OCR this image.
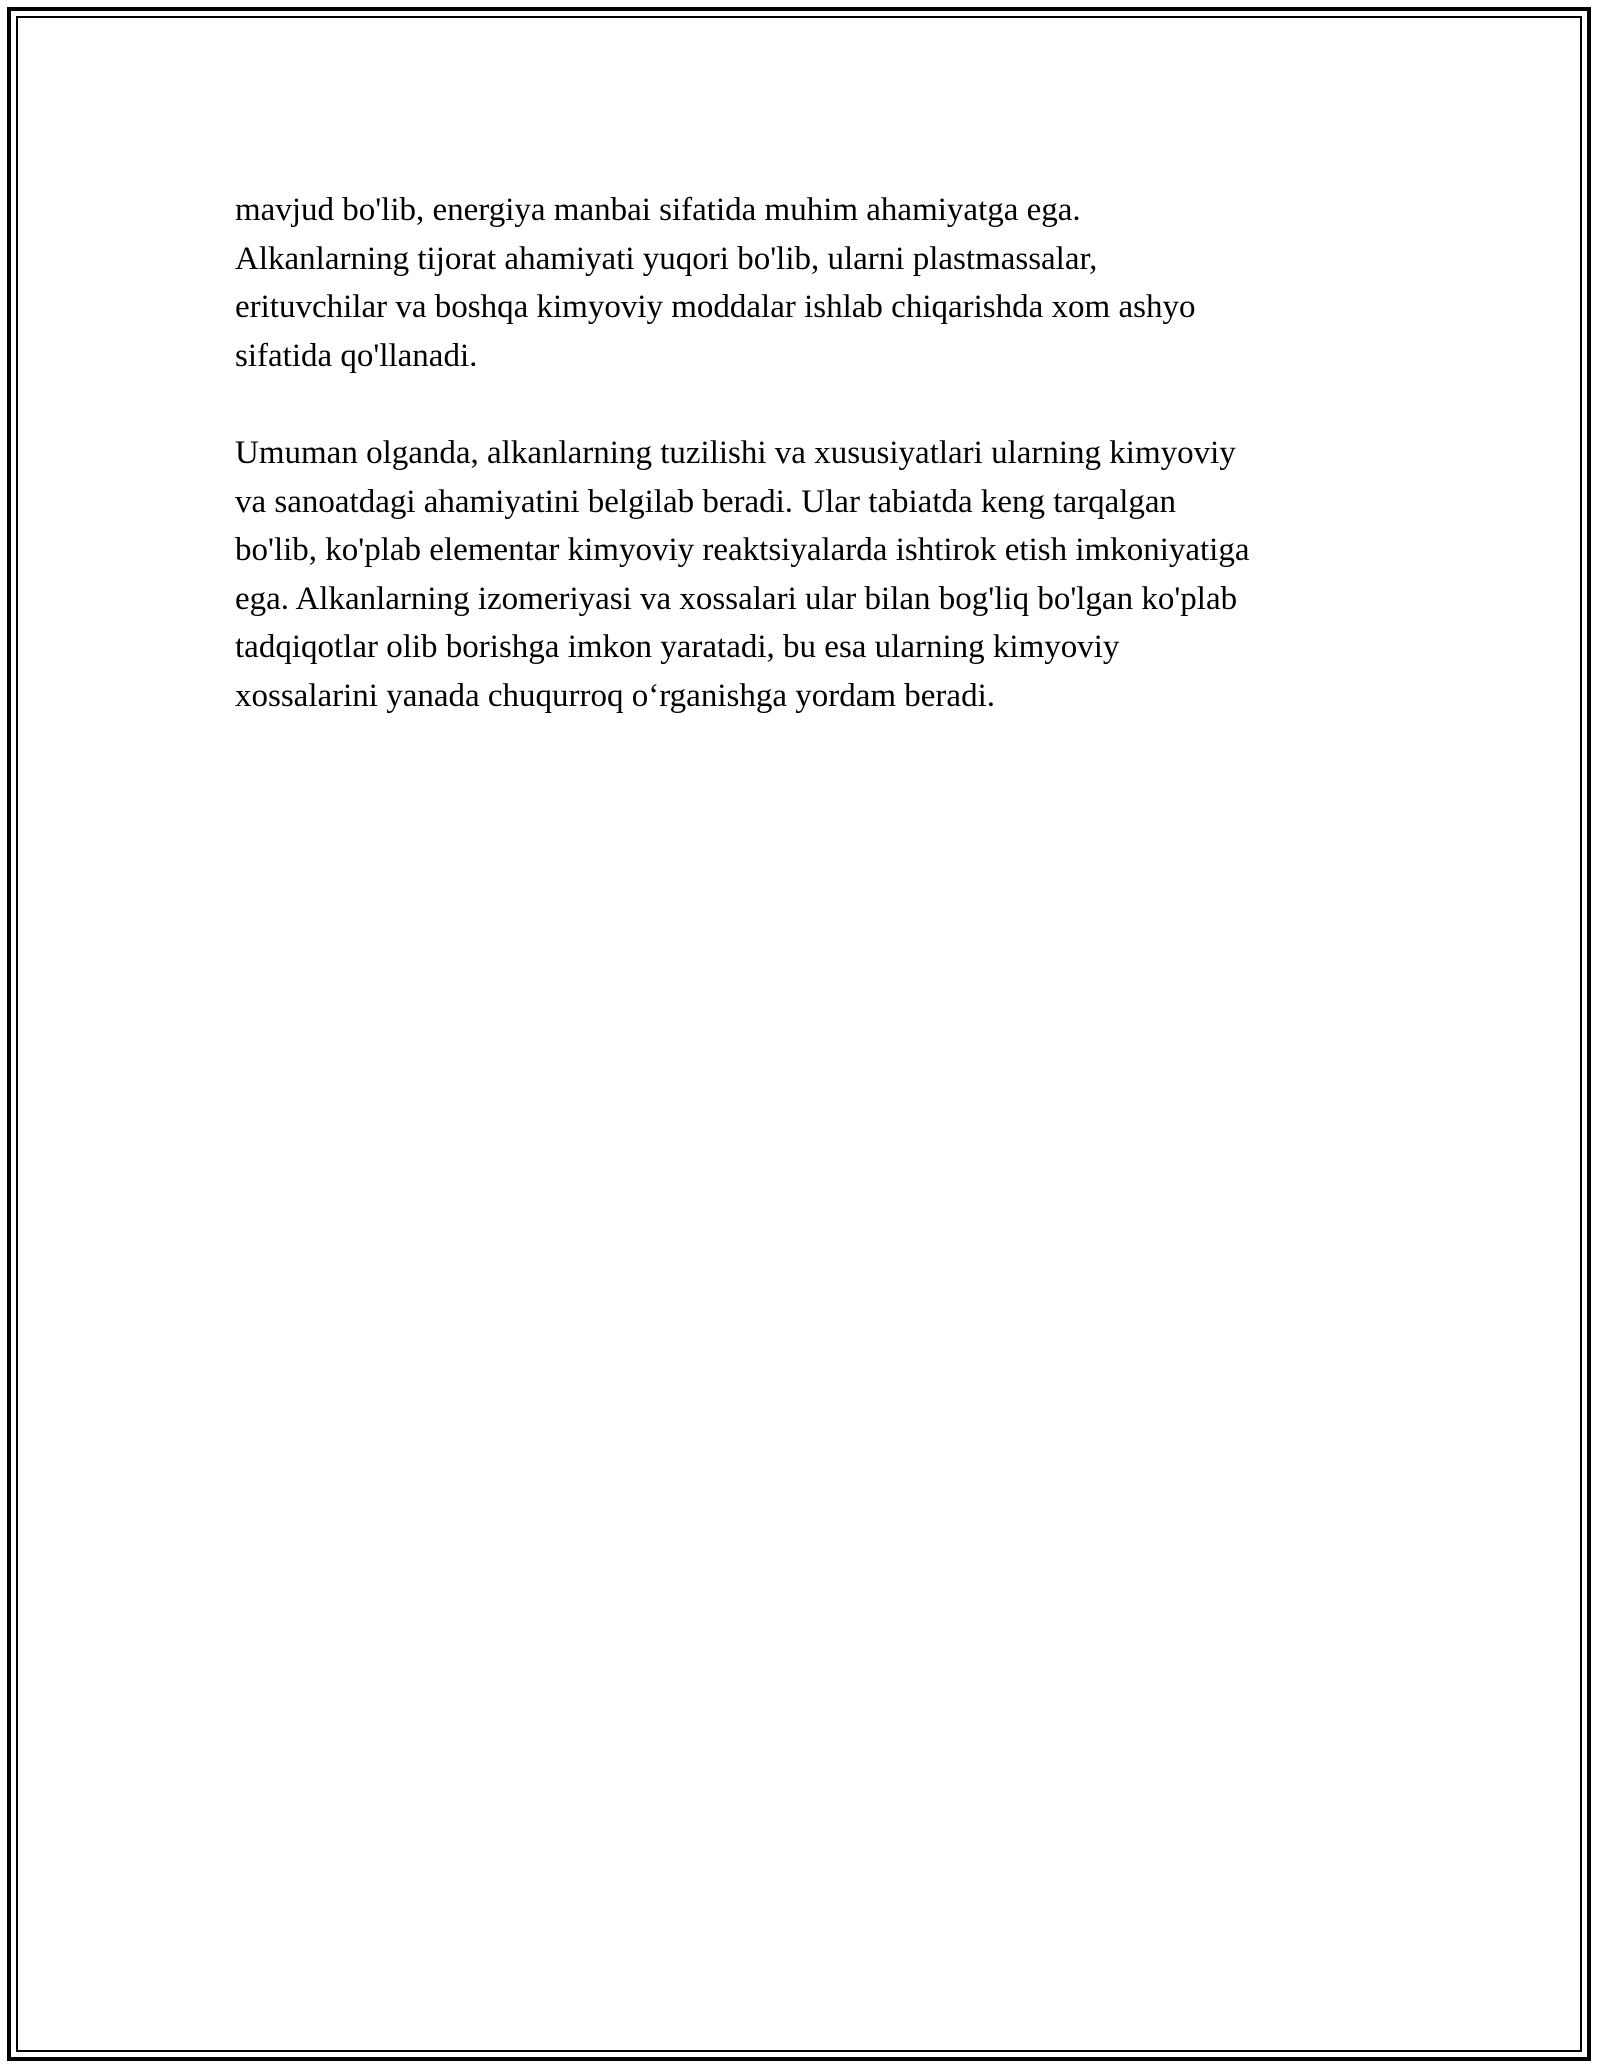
mavjud bo'lib, energiya manbai sifatida muhim ahamiyatga ega.
Alkanlarning tijorat ahamiyati yuqori bo'lib, ularni plastmassalar,
erituvchilar va boshqa kimyoviy moddalar ishlab chiqarishda xom ashyo
sifatida qo'llanadi.

Umuman olganda, alkanlarning tuzilishi va xususiyatlari ularning kimyoviy
va sanoatdagi ahamiyatini belgilab beradi. Ular tabiatda keng tarqalgan
bo'lib, ko'plab elementar kimyoviy reaktsiyalarda ishtirok etish imkoniyatiga
ega. Alkanlarning izomeriyasi va xossalari ular bilan bog'liq bo'lgan ko'plab
tadqiqotlar olib borishga imkon yaratadi, bu esa ularning kimyoviy
xossalarini yanada chuqurroq o‘rganishga yordam beradi.
